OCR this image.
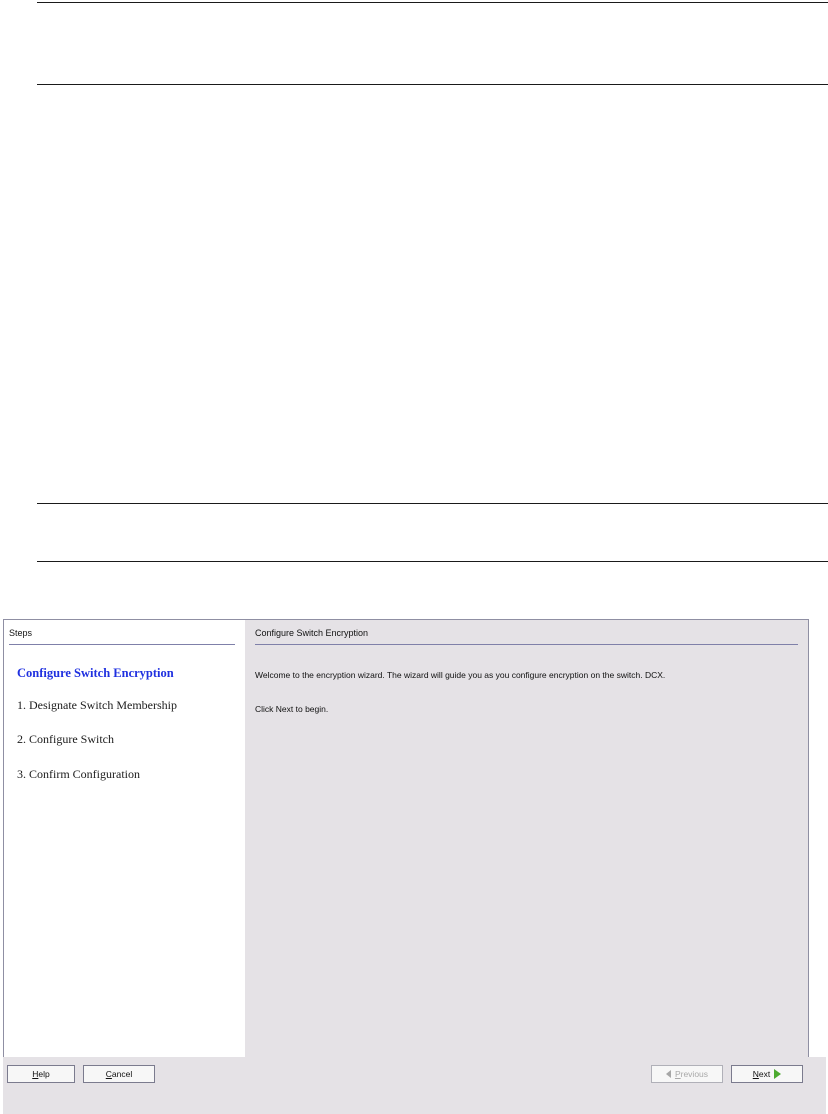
Steps
Configure Switch Encryption
1. Designate Switch Membership
2. Configure Switch
3. Confirm Configuration
Configure Switch Encryption
Welcome to the encryption wizard. The wizard will guide you as you configure encryption on the switch. DCX.
Click Next to begin.
Help	Cancel	Previous	Next
